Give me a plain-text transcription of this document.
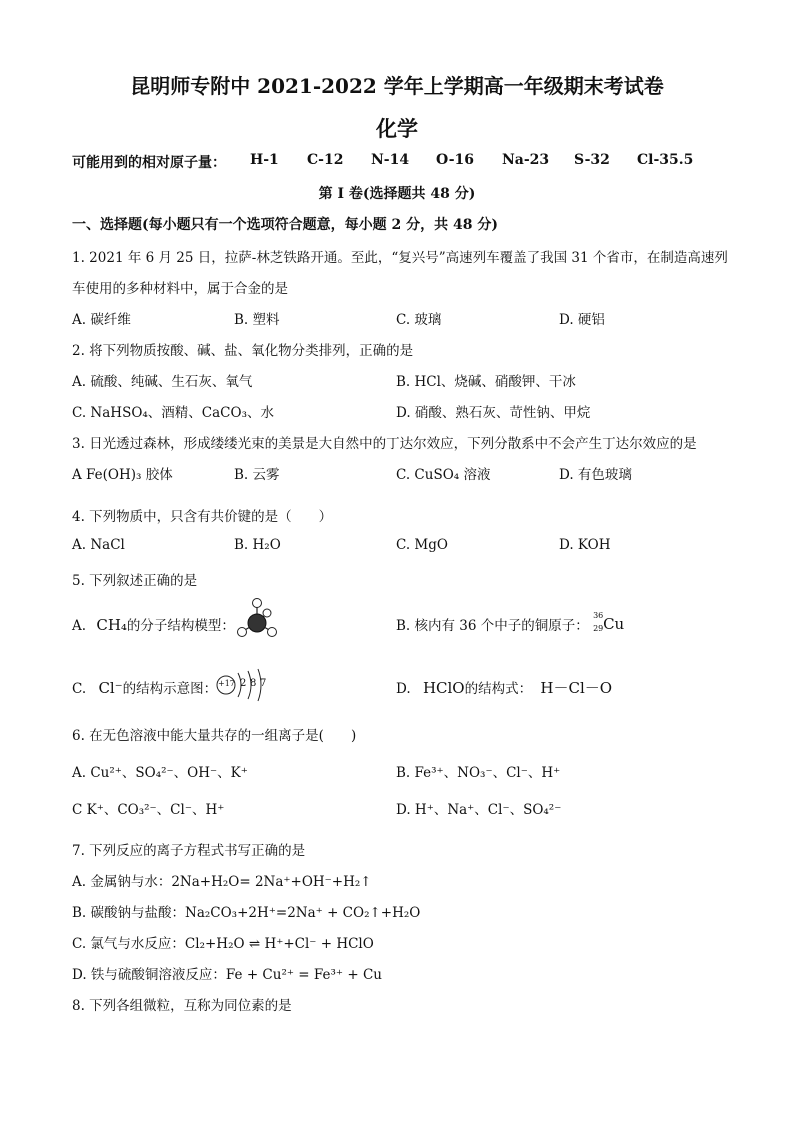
昆明师专附中 2021-2022 学年上学期高一年级期末考试卷
化学
可能用到的相对原子量： H-1 C-12 N-14 O-16 Na-23 S-32 Cl-35.5
第 I 卷(选择题共 48 分)
一、选择题(每小题只有一个选项符合题意，每小题 2 分，共 48 分)
1. 2021 年 6 月 25 日，拉萨-林芝铁路开通。至此，“复兴号”高速列车覆盖了我国 31 个省市，在制造高速列
车使用的多种材料中，属于合金的是
A. 碳纤维	B. 塑料	C. 玻璃	D. 硬铝
2. 将下列物质按酸、碱、盐、氧化物分类排列，正确的是
A. 硫酸、纯碱、生石灰、氧气	B. HCl、烧碱、硝酸钾、干冰
C. NaHSO₄、酒精、CaCO₃、水	D. 硝酸、熟石灰、苛性钠、甲烷
3. 日光透过森林，形成缕缕光束的美景是大自然中的丁达尔效应，下列分散系中不会产生丁达尔效应的是
A Fe(OH)₃ 胶体	B. 云雾	C. CuSO₄ 溶液	D. 有色玻璃
4. 下列物质中，只含有共价键的是（　　）
A. NaCl	B. H₂O	C. MgO	D. KOH
5. 下列叙述正确的是
A. CH₄的分子结构模型：	B. 核内有 36 个中子的铜原子：
36
29 Cu
C. Cl⁻的结构示意图： +17 2 8 7	D. HClO的结构式： H－Cl－O
6. 在无色溶液中能大量共存的一组离子是(　　)
A. Cu²⁺、SO₄²⁻、OH⁻、K⁺	B. Fe³⁺、NO₃⁻、Cl⁻、H⁺
C K⁺、CO₃²⁻、Cl⁻、H⁺	D. H⁺、Na⁺、Cl⁻、SO₄²⁻
7. 下列反应的离子方程式书写正确的是
A. 金属钠与水：2Na+H₂O= 2Na⁺+OH⁻+H₂↑
B. 碳酸钠与盐酸：Na₂CO₃+2H⁺=2Na⁺ + CO₂↑+H₂O
C. 氯气与水反应：Cl₂+H₂O ⇌ H⁺+Cl⁻ + HClO
D. 铁与硫酸铜溶液反应：Fe + Cu²⁺ = Fe³⁺ + Cu
8. 下列各组微粒，互称为同位素的是
